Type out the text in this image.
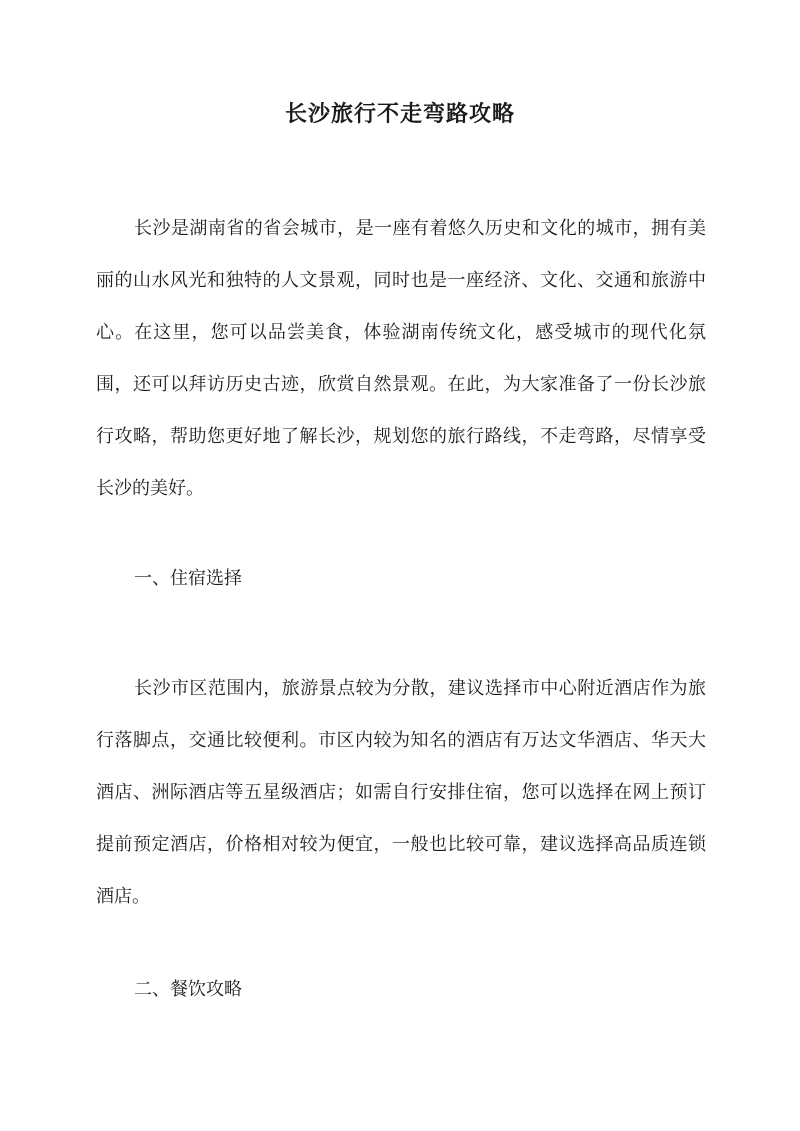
长沙旅行不走弯路攻略

长沙是湖南省的省会城市，是一座有着悠久历史和文化的城市，拥有美丽的山水风光和独特的人文景观，同时也是一座经济、文化、交通和旅游中心。在这里，您可以品尝美食，体验湖南传统文化，感受城市的现代化氛围，还可以拜访历史古迹，欣赏自然景观。在此，为大家准备了一份长沙旅行攻略，帮助您更好地了解长沙，规划您的旅行路线，不走弯路，尽情享受长沙的美好。

一、住宿选择

长沙市区范围内，旅游景点较为分散，建议选择市中心附近酒店作为旅行落脚点，交通比较便利。市区内较为知名的酒店有万达文华酒店、华天大酒店、洲际酒店等五星级酒店；如需自行安排住宿，您可以选择在网上预订提前预定酒店，价格相对较为便宜，一般也比较可靠，建议选择高品质连锁酒店。

二、餐饮攻略
